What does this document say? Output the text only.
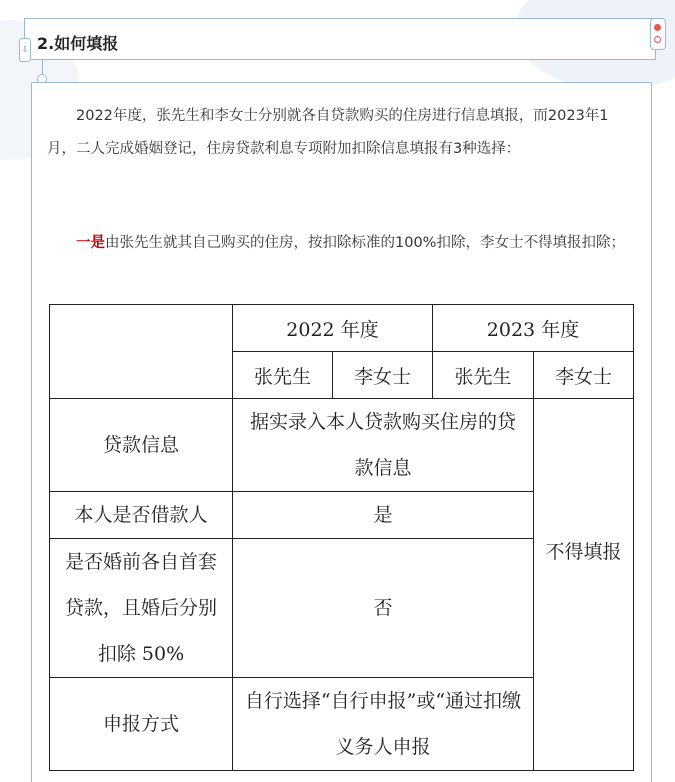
2.如何填报
⇩

2022年度，张先生和李女士分别就各自贷款购买的住房进行信息填报，而2023年1月，二人完成婚姻登记，住房贷款利息专项附加扣除信息填报有3种选择：

一是由张先生就其自己购买的住房，按扣除标准的100%扣除，李女士不得填报扣除；

	2022 年度		2023 年度	
	张先生	李女士	张先生	李女士
贷款信息	据实录入本人贷款购买住房的贷款信息			不得填报
本人是否借款人	是			
是否婚前各自首套贷款，且婚后分别扣除 50%	否			
申报方式	自行选择“自行申报”或“通过扣缴义务人申报			
